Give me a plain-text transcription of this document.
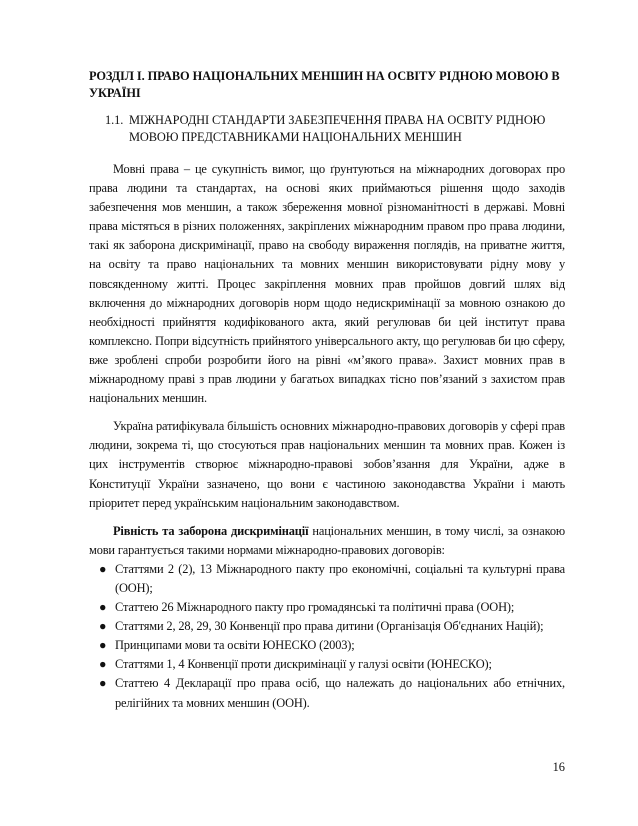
РОЗДІЛ І. ПРАВО НАЦІОНАЛЬНИХ МЕНШИН НА ОСВІТУ РІДНОЮ МОВОЮ В УКРАЇНІ
1.1. МІЖНАРОДНІ СТАНДАРТИ ЗАБЕЗПЕЧЕННЯ ПРАВА НА ОСВІТУ РІДНОЮ МОВОЮ ПРЕДСТАВНИКАМИ НАЦІОНАЛЬНИХ МЕНШИН

Мовні права – це сукупність вимог, що ґрунтуються на міжнародних договорах про права людини та стандартах, на основі яких приймаються рішення щодо заходів забезпечення мов меншин, а також збереження мовної різноманітності в державі. Мовні права містяться в різних положеннях, закріплених міжнародним правом про права людини, такі як заборона дискримінації, право на свободу вираження поглядів, на приватне життя, на освіту та право національних та мовних меншин використовувати рідну мову у повсякденному житті. Процес закріплення мовних прав пройшов довгий шлях від включення до міжнародних договорів норм щодо недискримінації за мовною ознакою до необхідності прийняття кодифікованого акта, який регулював би цей інститут права комплексно. Попри відсутність прийнятого універсального акту, що регулював би цю сферу, вже зроблені спроби розробити його на рівні «м’якого права». Захист мовних прав в міжнародному праві з прав людини у багатьох випадках тісно пов’язаний з захистом прав національних меншин.

Україна ратифікувала більшість основних міжнародно-правових договорів у сфері прав людини, зокрема ті, що стосуються прав національних меншин та мовних прав. Кожен із цих інструментів створює міжнародно-правові зобов’язання для України, адже в Конституції України зазначено, що вони є частиною законодавства України і мають пріоритет перед українським національним законодавством.

Рівність та заборона дискримінації національних меншин, в тому числі, за ознакою мови гарантується такими нормами міжнародно-правових договорів:

● Статтями 2 (2), 13 Міжнародного пакту про економічні, соціальні та культурні права (ООН);
● Статтею 26 Міжнародного пакту про громадянські та політичні права (ООН);
● Статтями 2, 28, 29, 30 Конвенції про права дитини (Організація Об'єднаних Націй);
● Принципами мови та освіти ЮНЕСКО (2003);
● Статтями 1, 4 Конвенції проти дискримінації у галузі освіти (ЮНЕСКО);
● Статтею 4 Декларації про права осіб, що належать до національних або етнічних, релігійних та мовних меншин (ООН).
16
